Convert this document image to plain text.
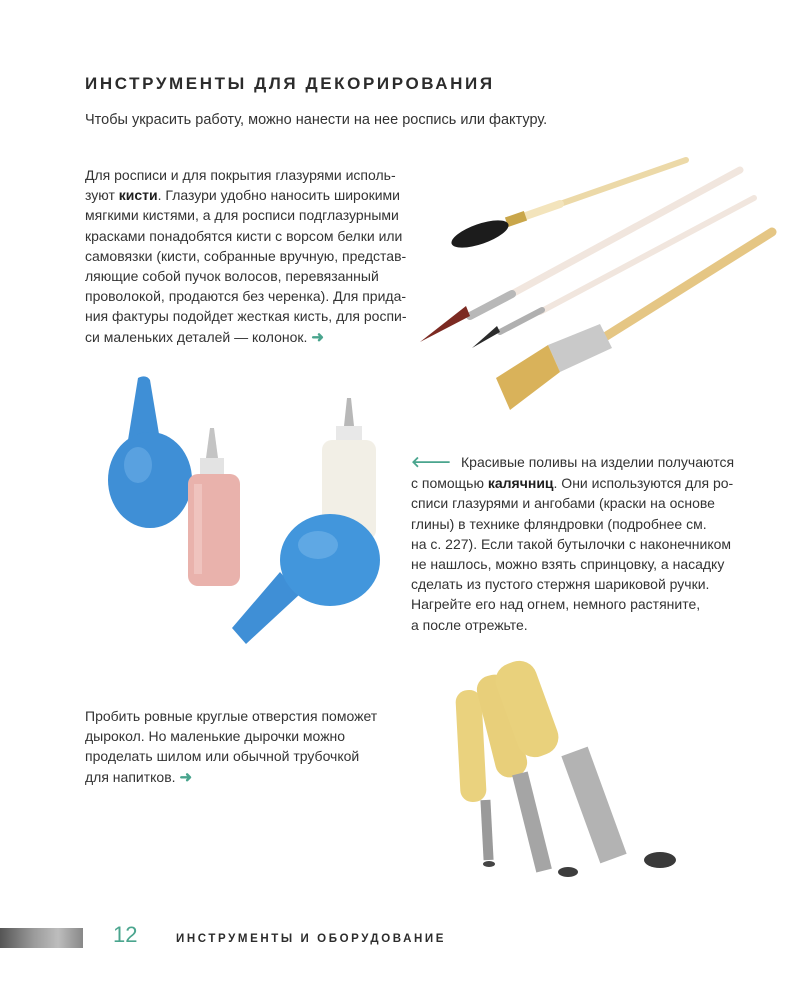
ИНСТРУМЕНТЫ ДЛЯ ДЕКОРИРОВАНИЯ
Чтобы украсить работу, можно нанести на нее роспись или фактуру.
Для росписи и для покрытия глазурями исполь-
зуют кисти. Глазури удобно наносить широкими
мягкими кистями, а для росписи подглазурными
красками понадобятся кисти с ворсом белки или
самовязки (кисти, собранные вручную, представ-
ляющие собой пучок волосов, перевязанный
проволокой, продаются без черенка). Для прида-
ния фактуры подойдет жесткая кисть, для роспи-
си маленьких деталей — колонок. ➜
🡐 Красивые поливы на изделии получаются
с помощью калячниц. Они используются для ро-
списи глазурями и ангобами (краски на основе
глины) в технике фляндровки (подробнее см.
на с. 227). Если такой бутылочки с наконечником
не нашлось, можно взять спринцовку, а насадку
сделать из пустого стержня шариковой ручки.
Нагрейте его над огнем, немного растяните,
а после отрежьте.
Пробить ровные круглые отверстия поможет
дырокол. Но маленькие дырочки можно
проделать шилом или обычной трубочкой
для напитков. ➜
12	ИНСТРУМЕНТЫ И ОБОРУДОВАНИЕ
